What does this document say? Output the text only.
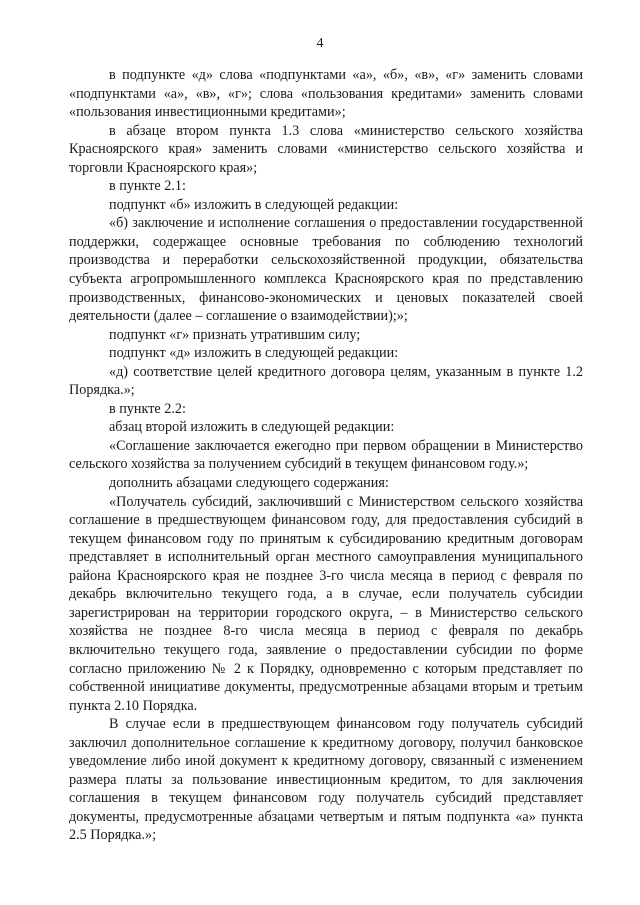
4

в подпункте «д» слова «подпунктами «а», «б», «в», «г» заменить словами «подпунктами «а», «в», «г»; слова «пользования кредитами» заменить словами «пользования инвестиционными кредитами»;

в абзаце втором пункта 1.3 слова «министерство сельского хозяйства Красноярского края» заменить словами «министерство сельского хозяйства и торговли Красноярского края»;

в пункте 2.1:

подпункт «б» изложить в следующей редакции:

«б) заключение и исполнение соглашения о предоставлении государственной поддержки, содержащее основные требования по соблюдению технологий производства и переработки сельскохозяйственной продукции, обязательства субъекта агропромышленного комплекса Красноярского края по представлению производственных, финансово-экономических и ценовых показателей своей деятельности (далее – соглашение о взаимодействии);»;

подпункт «г» признать утратившим силу;

подпункт «д» изложить в следующей редакции:

«д) соответствие целей кредитного договора целям, указанным в пункте 1.2 Порядка.»;

в пункте 2.2:

абзац второй изложить в следующей редакции:

«Соглашение заключается ежегодно при первом обращении в Министерство сельского хозяйства за получением субсидий в текущем финансовом году.»;

дополнить абзацами следующего содержания:

«Получатель субсидий, заключивший с Министерством сельского хозяйства соглашение в предшествующем финансовом году, для предоставления субсидий в текущем финансовом году по принятым к субсидированию кредитным договорам представляет в исполнительный орган местного самоуправления муниципального района Красноярского края не позднее 3-го числа месяца в период с февраля по декабрь включительно текущего года, а в случае, если получатель субсидии зарегистрирован на территории городского округа, – в Министерство сельского хозяйства не позднее 8-го числа месяца в период с февраля по декабрь включительно текущего года, заявление о предоставлении субсидии по форме согласно приложению № 2 к Порядку, одновременно с которым представляет по собственной инициативе документы, предусмотренные абзацами вторым и третьим пункта 2.10 Порядка.

В случае если в предшествующем финансовом году получатель субсидий заключил дополнительное соглашение к кредитному договору, получил банковское уведомление либо иной документ к кредитному договору, связанный с изменением размера платы за пользование инвестиционным кредитом, то для заключения соглашения в текущем финансовом году получатель субсидий представляет документы, предусмотренные абзацами четвертым и пятым подпункта «а» пункта 2.5 Порядка.»;
